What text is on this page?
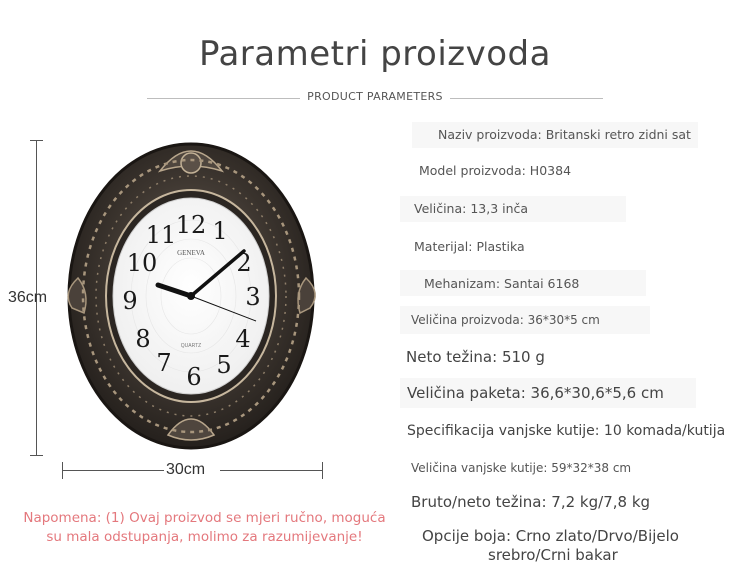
Parametri proizvoda
PRODUCT PARAMETERS
36cm
GENEVA
QUARTZ
12 1
2
3
4
5
6
7
8
9
10
11
30cm
Napomena: (1) Ovaj proizvod se mjeri ručno, moguća
su mala odstupanja, molimo za razumijevanje!
Naziv proizvoda: Britanski retro zidni sat
Model proizvoda: H0384
Veličina: 13,3 inča
Materijal: Plastika
Mehanizam: Santai 6168
Veličina proizvoda: 36*30*5 cm
Neto težina: 510 g
Veličina paketa: 36,6*30,6*5,6 cm
Specifikacija vanjske kutije: 10 komada/kutija
Veličina vanjske kutije: 59*32*38 cm
Bruto/neto težina: 7,2 kg/7,8 kg
Opcije boja: Crno zlato/Drvo/Bijelo
srebro/Crni bakar
